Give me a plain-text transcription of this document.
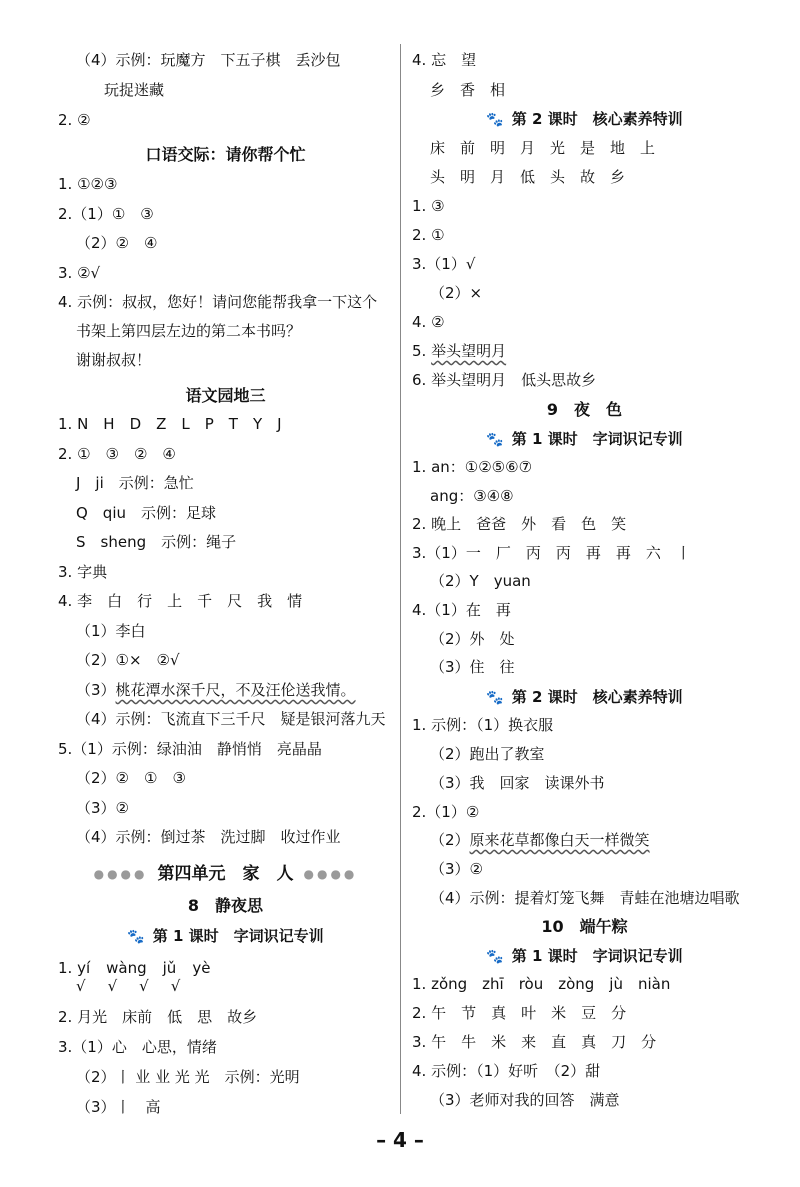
（4）示例：玩魔方　下五子棋　丢沙包
玩捉迷藏
2. ②
口语交际：请你帮个忙
1. ①②③
2.（1）①　③
（2）②　④
3. ②√
4. 示例：叔叔，您好！请问您能帮我拿一下这个
书架上第四层左边的第二本书吗？
谢谢叔叔！
语文园地三
1. N　H　D　Z　L　P　T　Y　J
2. ①　③　②　④
J　ji　示例：急忙
Q　qiu　示例：足球
S　sheng　示例：绳子
3. 字典
4. 李　白　行　上　千　尺　我　情
（1）李白
（2）①×　②√
（3）桃花潭水深千尺，不及汪伦送我情。
（4）示例：飞流直下三千尺　疑是银河落九天
5.（1）示例：绿油油　静悄悄　亮晶晶
（2）②　①　③
（3）②
（4）示例：倒过茶　洗过脚　收过作业
●●●● 第四单元　家　人 ●●●●
8　静夜思
🐾 第 1 课时　字词识记专训
1. yí wàng jǔ yè
√ √ √ √
2. 月光　床前　低　思　故乡
3.（1）心　心思，情绪
（2）丨 业 业 光 光　示例：光明
（3）丨　高
4. 忘　望
乡　香　相
🐾 第 2 课时　核心素养特训
床　前　明　月　光　是　地　上
头　明　月　低　头　故　乡
1. ③
2. ①
3.（1）√
（2）×
4. ②
5. 举头望明月
6. 举头望明月　低头思故乡
9　夜　色
🐾 第 1 课时　字词识记专训
1. an：①②⑤⑥⑦
ang：③④⑧
2. 晚上　爸爸　外　看　色　笑
3.（1）一　厂　丙　丙　再　再　六　丨
（2）Y　yuan
4.（1）在　再
（2）外　处
（3）住　往
🐾 第 2 课时　核心素养特训
1. 示例：（1）换衣服
（2）跑出了教室
（3）我　回家　读课外书
2.（1）②
（2）原来花草都像白天一样微笑
（3）②
（4）示例：提着灯笼飞舞　青蛙在池塘边唱歌
10　端午粽
🐾 第 1 课时　字词识记专训
1. zǒng　zhī　ròu　zòng　jù　niàn
2. 午　节　真　叶　米　豆　分
3. 午　牛　米　来　直　真　刀　分
4. 示例：（1）好听　（2）甜
（3）老师对我的回答　满意
– 4 –
